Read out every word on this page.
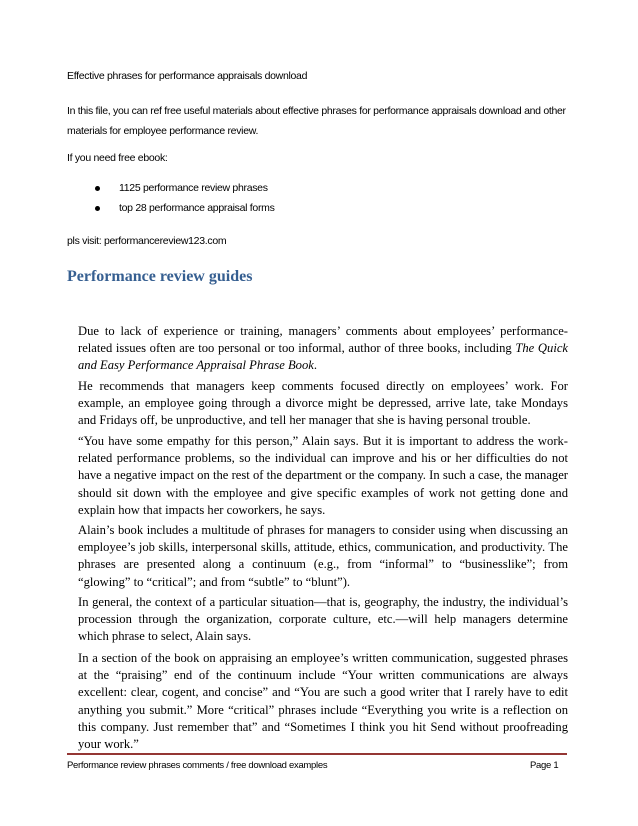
Effective phrases for performance appraisals download

In this file, you can ref free useful materials about effective phrases for performance appraisals download and other materials for employee performance review.

If you need free ebook:

1125 performance review phrases
top 28 performance appraisal forms

pls visit: performancereview123.com

Performance review guides

Due to lack of experience or training, managers’ comments about employees’ performance-related issues often are too personal or too informal, author of three books, including The Quick and Easy Performance Appraisal Phrase Book.

He recommends that managers keep comments focused directly on employees’ work. For example, an employee going through a divorce might be depressed, arrive late, take Mondays and Fridays off, be unproductive, and tell her manager that she is having personal trouble.

“You have some empathy for this person,” Alain says. But it is important to address the work-related performance problems, so the individual can improve and his or her difficulties do not have a negative impact on the rest of the department or the company. In such a case, the manager should sit down with the employee and give specific examples of work not getting done and explain how that impacts her coworkers, he says.

Alain’s book includes a multitude of phrases for managers to consider using when discussing an employee’s job skills, interpersonal skills, attitude, ethics, communication, and productivity. The phrases are presented along a continuum (e.g., from “informal” to “businesslike”; from “glowing” to “critical”; and from “subtle” to “blunt”).

In general, the context of a particular situation—that is, geography, the industry, the individual’s procession through the organization, corporate culture, etc.—will help managers determine which phrase to select, Alain says.

In a section of the book on appraising an employee’s written communication, suggested phrases at the “praising” end of the continuum include “Your written communications are always excellent: clear, cogent, and concise” and “You are such a good writer that I rarely have to edit anything you submit.” More “critical” phrases include “Everything you write is a reflection on this company. Just remember that” and “Sometimes I think you hit Send without proofreading your work.”

Performance review phrases comments / free download examples	Page 1
